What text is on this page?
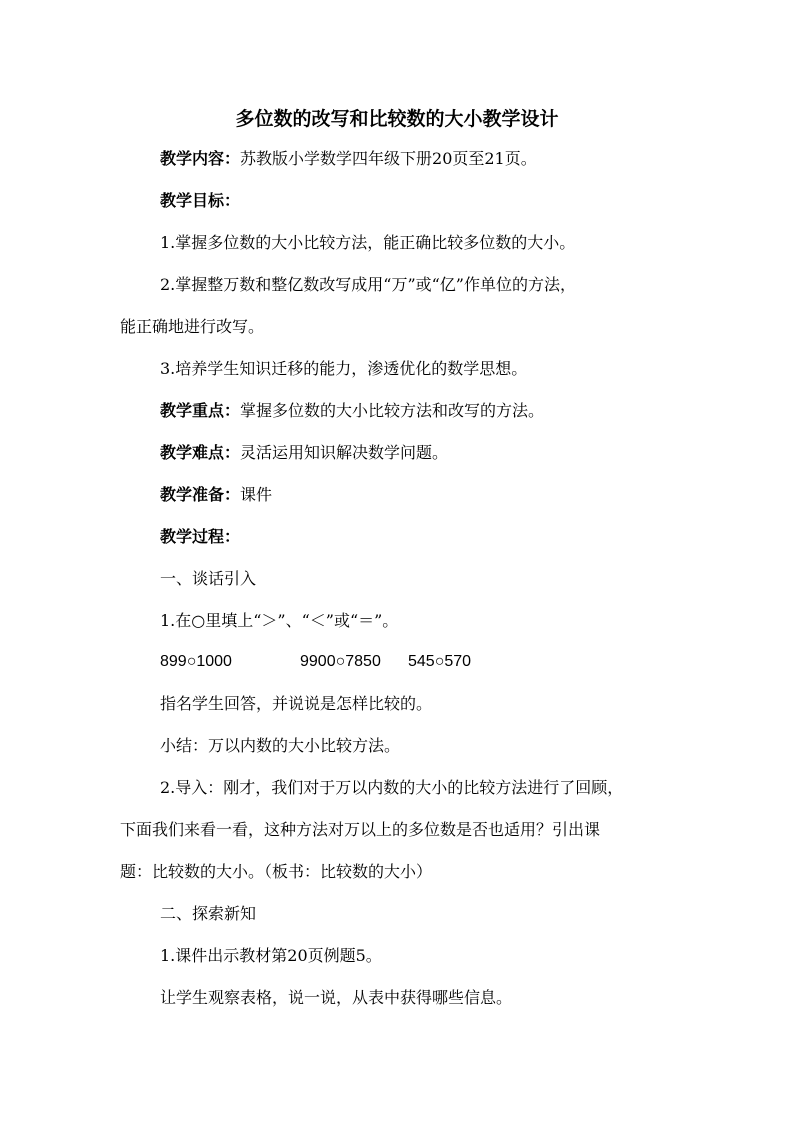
多位数的改写和比较数的大小教学设计
教学内容：苏教版小学数学四年级下册20页至21页。
教学目标：
1.掌握多位数的大小比较方法，能正确比较多位数的大小。
2.掌握整万数和整亿数改写成用“万”或“亿”作单位的方法，
能正确地进行改写。
3.培养学生知识迁移的能力，渗透优化的数学思想。
教学重点：掌握多位数的大小比较方法和改写的方法。
教学难点：灵活运用知识解决数学问题。
教学准备：课件
教学过程：
一、谈话引入
1.在○里填上“＞”、“＜”或“＝”。
899○1000	9900○7850 545○570
指名学生回答，并说说是怎样比较的。
小结：万以内数的大小比较方法。
2.导入：刚才，我们对于万以内数的大小的比较方法进行了回顾，
下面我们来看一看，这种方法对万以上的多位数是否也适用？引出课
题：比较数的大小。（板书：比较数的大小）
二、探索新知
1.课件出示教材第20页例题5。
让学生观察表格，说一说，从表中获得哪些信息。
